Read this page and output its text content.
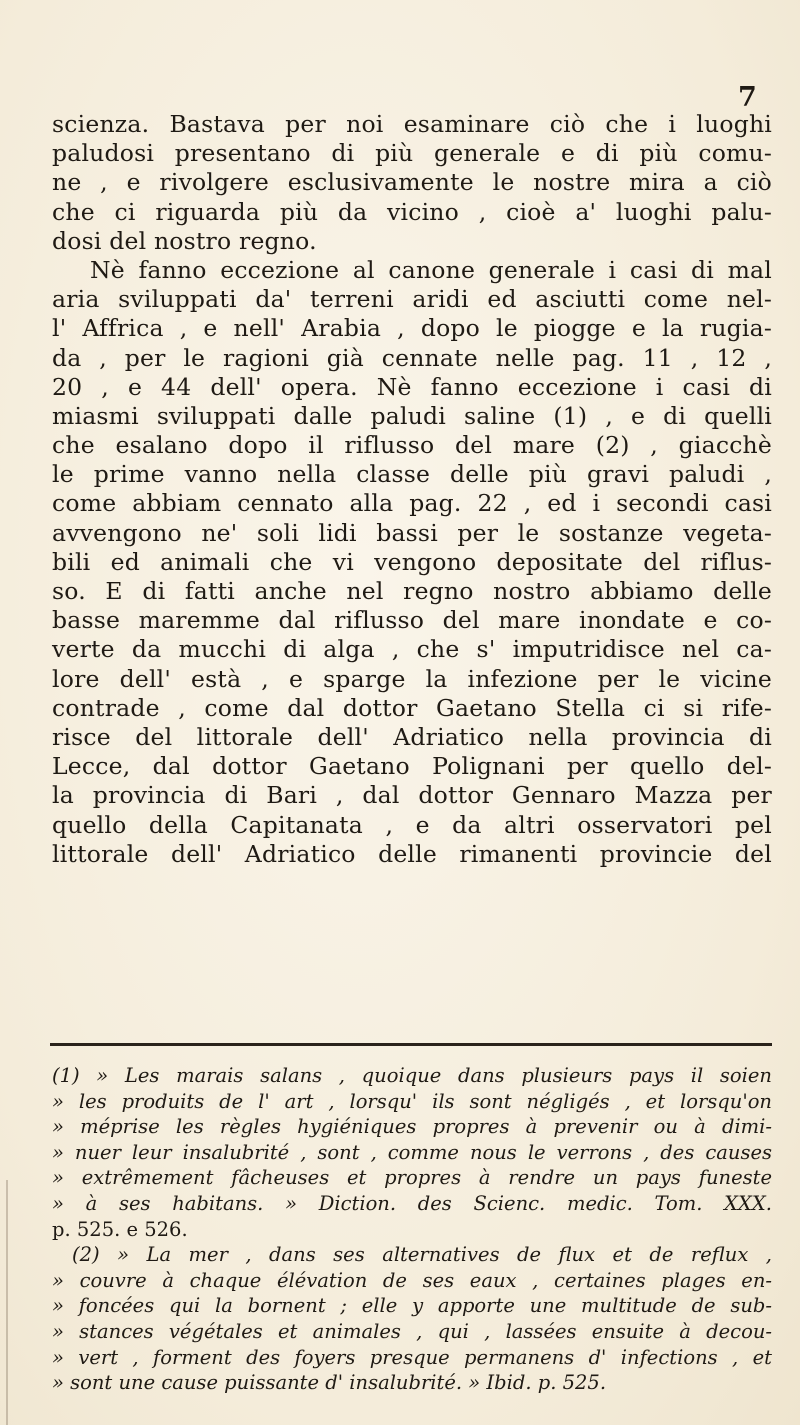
7
scienza. Bastava per noi esaminare ciò che i luoghi
paludosi presentano di più generale e di più comu-
ne , e rivolgere esclusivamente le nostre mira a ciò
che ci riguarda più da vicino , cioè a' luoghi palu-
dosi del nostro regno.
Nè fanno eccezione al canone generale i casi di mal
aria sviluppati da' terreni aridi ed asciutti come nel-
l' Affrica , e nell' Arabia , dopo le piogge e la rugia-
da , per le ragioni già cennate nelle pag. 11 , 12 ,
20 , e 44 dell' opera. Nè fanno eccezione i casi di
miasmi sviluppati dalle paludi saline (1) , e di quelli
che esalano dopo il riflusso del mare (2) , giacchè
le prime vanno nella classe delle più gravi paludi ,
come abbiam cennato alla pag. 22 , ed i secondi casi
avvengono ne' soli lidi bassi per le sostanze vegeta-
bili ed animali che vi vengono depositate del riflus-
so. E di fatti anche nel regno nostro abbiamo delle
basse maremme dal riflusso del mare inondate e co-
verte da mucchi di alga , che s' imputridisce nel ca-
lore dell' està , e sparge la infezione per le vicine
contrade , come dal dottor Gaetano Stella ci si rife-
risce del littorale dell' Adriatico nella provincia di
Lecce, dal dottor Gaetano Polignani per quello del-
la provincia di Bari , dal dottor Gennaro Mazza per
quello della Capitanata , e da altri osservatori pel
littorale dell' Adriatico delle rimanenti provincie del
(1) » Les marais salans , quoique dans plusieurs pays il soien
» les produits de l' art , lorsqu' ils sont négligés , et lorsqu'on
» méprise les règles hygiéniques propres à prevenir ou à dimi-
» nuer leur insalubrité , sont , comme nous le verrons , des causes
» extrêmement fâcheuses et propres à rendre un pays funeste
» à ses habitans. » Diction. des Scienc. medic. Tom. XXX.
p. 525. e 526.
(2) » La mer , dans ses alternatives de flux et de reflux ,
» couvre à chaque élévation de ses eaux , certaines plages en-
» foncées qui la bornent ; elle y apporte une multitude de sub-
» stances végétales et animales , qui , lassées ensuite à decou-
» vert , forment des foyers presque permanens d' infections , et
» sont une cause puissante d' insalubrité. » Ibid. p. 525.
